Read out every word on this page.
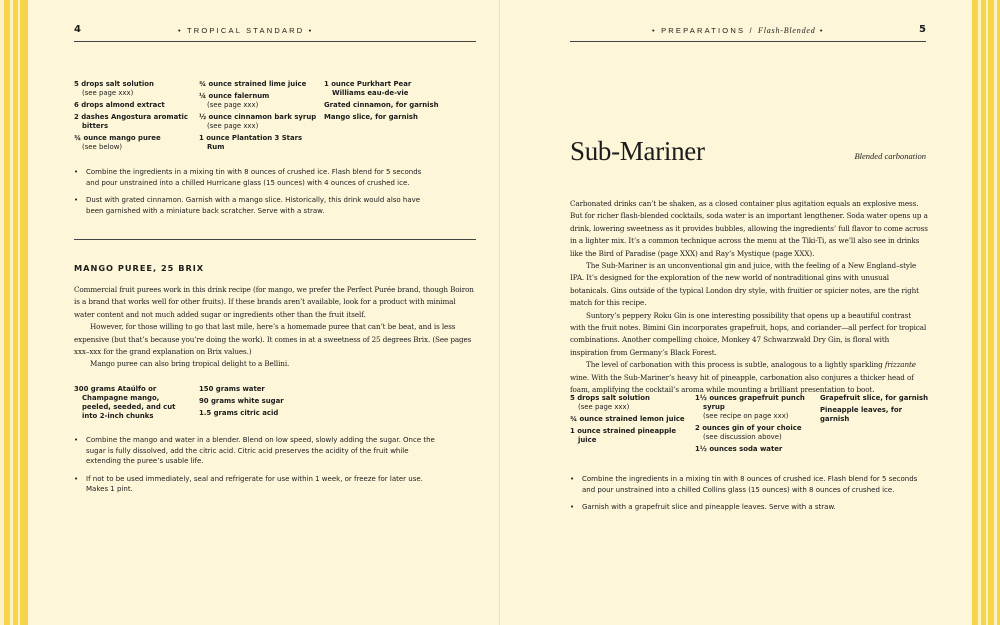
4	• TROPICAL STANDARD •
5 drops salt solution
(see page xxx)
6 drops almond extract
2 dashes Angostura aromatic
bitters
¾ ounce mango puree
(see below)
¾ ounce strained lime juice
¼ ounce falernum
(see page xxx)
½ ounce cinnamon bark syrup
(see page xxx)
1 ounce Plantation 3 Stars
Rum
1 ounce Purkhart Pear
Williams eau-de-vie
Grated cinnamon, for garnish
Mango slice, for garnish
• Combine the ingredients in a mixing tin with 8 ounces of crushed ice. Flash blend for 5 seconds and pour unstrained into a chilled Hurricane glass (15 ounces) with 4 ounces of crushed ice.
• Dust with grated cinnamon. Garnish with a mango slice. Historically, this drink would also have been garnished with a miniature back scratcher. Serve with a straw.
MANGO PUREE, 25 BRIX

Commercial fruit purees work in this drink recipe (for mango, we prefer the Perfect Purée brand, though Boiron is a brand that works well for other fruits). If these brands aren’t available, look for a product with minimal water content and not much added sugar or ingredients other than the fruit itself.

However, for those willing to go that last mile, here’s a homemade puree that can’t be beat, and is less expensive (but that’s because you’re doing the work). It comes in at a sweetness of 25 degrees Brix. (See pages xxx–xxx for the grand explanation on Brix values.)

Mango puree can also bring tropical delight to a Bellini.

300 grams Ataúlfo or
Champagne mango, peeled, seeded, and cut into 2-inch chunks
150 grams water
90 grams white sugar
1.5 grams citric acid
• Combine the mango and water in a blender. Blend on low speed, slowly adding the sugar. Once the sugar is fully dissolved, add the citric acid. Citric acid preserves the acidity of the fruit while extending the puree’s usable life.
• If not to be used immediately, seal and refrigerate for use within 1 week, or freeze for later use. Makes 1 pint.
• PREPARATIONS / Flash-Blended •	5
Sub-Mariner	Blended carbonation

Carbonated drinks can’t be shaken, as a closed container plus agitation equals an explosive mess. But for richer flash-blended cocktails, soda water is an important lengthener. Soda water opens up a drink, lowering sweetness as it provides bubbles, allowing the ingredients’ full flavor to come across in a lighter mix. It’s a common technique across the menu at the Tiki-Ti, as we’ll also see in drinks like the Bird of Paradise (page XXX) and Ray’s Mystique (page XXX).

The Sub-Mariner is an unconventional gin and juice, with the feeling of a New England–style IPA. It’s designed for the exploration of the new world of nontraditional gins with unusual botanicals. Gins outside of the typical London dry style, with fruitier or spicier notes, are the right match for this recipe.

Suntory’s peppery Roku Gin is one interesting possibility that opens up a beautiful contrast with the fruit notes. Bimini Gin incorporates grapefruit, hops, and coriander—all perfect for tropical combinations. Another compelling choice, Monkey 47 Schwarzwald Dry Gin, is floral with inspiration from Germany’s Black Forest.

The level of carbonation with this process is subtle, analogous to a lightly sparkling frizzante wine. With the Sub-Mariner’s heavy hit of pineapple, carbonation also conjures a thicker head of foam, amplifying the cocktail’s aroma while mounting a brilliant presentation to boot.

5 drops salt solution
(see page xxx)
¾ ounce strained lemon juice
1 ounce strained pineapple
juice
1½ ounces grapefruit punch
syrup
(see recipe on page xxx)
2 ounces gin of your choice
(see discussion above)
1½ ounces soda water
Grapefruit slice, for garnish
Pineapple leaves, for garnish
• Combine the ingredients in a mixing tin with 8 ounces of crushed ice. Flash blend for 5 seconds and pour unstrained into a chilled Collins glass (15 ounces) with 8 ounces of crushed ice.
• Garnish with a grapefruit slice and pineapple leaves. Serve with a straw.
